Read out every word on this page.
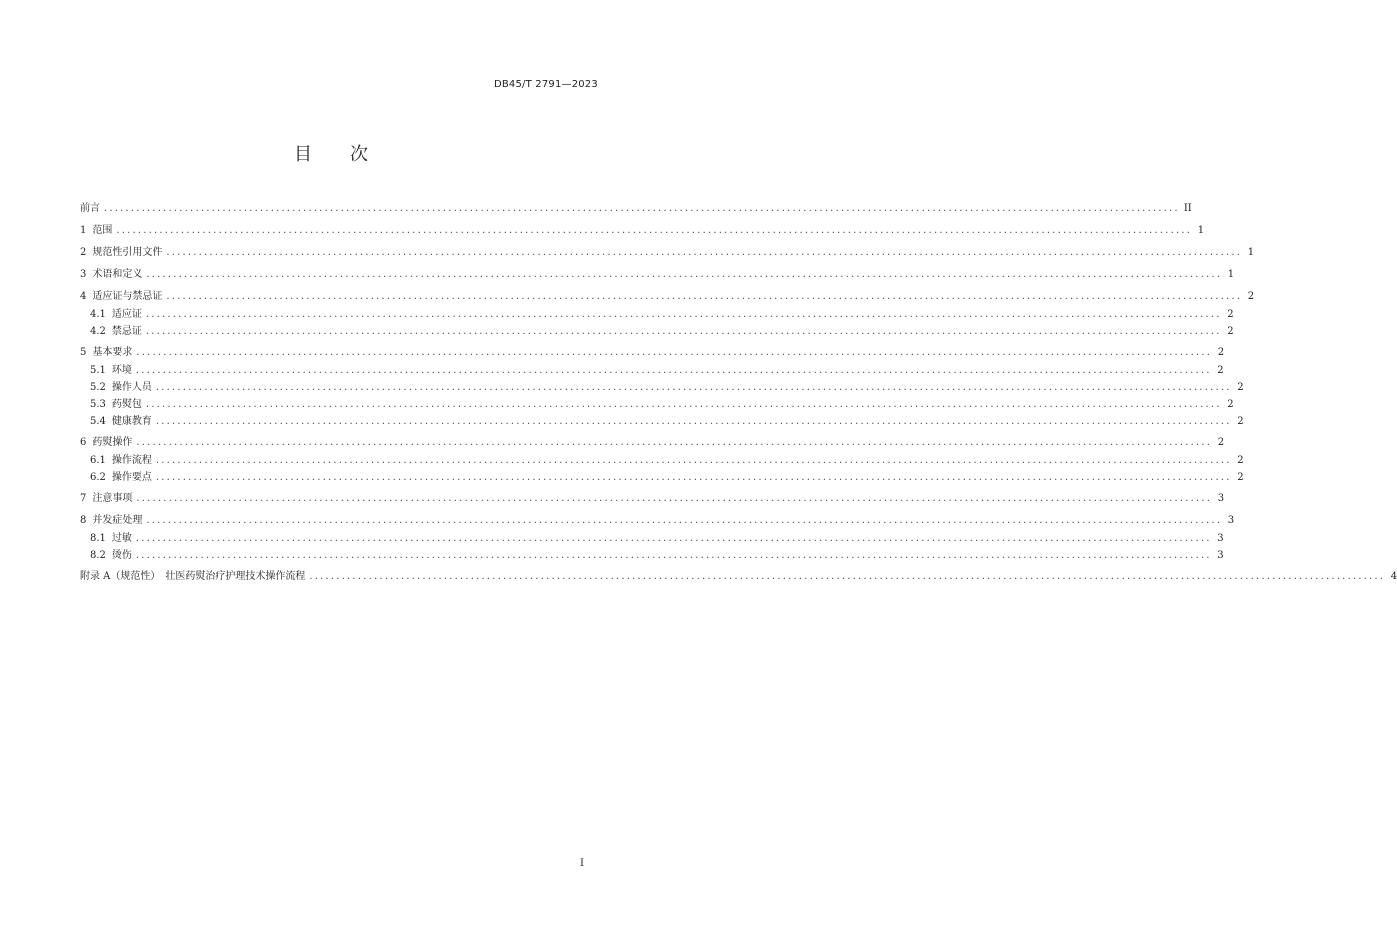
DB45/T 2791—2023
目 次
前言 ........................................................................................................................................................................................................ II
1 范围 ........................................................................................................................................................................................................ 1
2 规范性引用文件 ........................................................................................................................................................................................................ 1
3 术语和定义 ........................................................................................................................................................................................................ 1
4 适应证与禁忌证 ........................................................................................................................................................................................................ 2
4.1 适应证 ........................................................................................................................................................................................................ 2
4.2 禁忌证 ........................................................................................................................................................................................................ 2
5 基本要求 ........................................................................................................................................................................................................ 2
5.1 环境 ........................................................................................................................................................................................................ 2
5.2 操作人员 ........................................................................................................................................................................................................ 2
5.3 药熨包 ........................................................................................................................................................................................................ 2
5.4 健康教育 ........................................................................................................................................................................................................ 2
6 药熨操作 ........................................................................................................................................................................................................ 2
6.1 操作流程 ........................................................................................................................................................................................................ 2
6.2 操作要点 ........................................................................................................................................................................................................ 2
7 注意事项 ........................................................................................................................................................................................................ 3
8 并发症处理 ........................................................................................................................................................................................................ 3
8.1 过敏 ........................................................................................................................................................................................................ 3
8.2 烫伤 ........................................................................................................................................................................................................ 3
附录 A（规范性）　壮医药熨治疗护理技术操作流程 ........................................................................................................................................................................................................ 4
I
